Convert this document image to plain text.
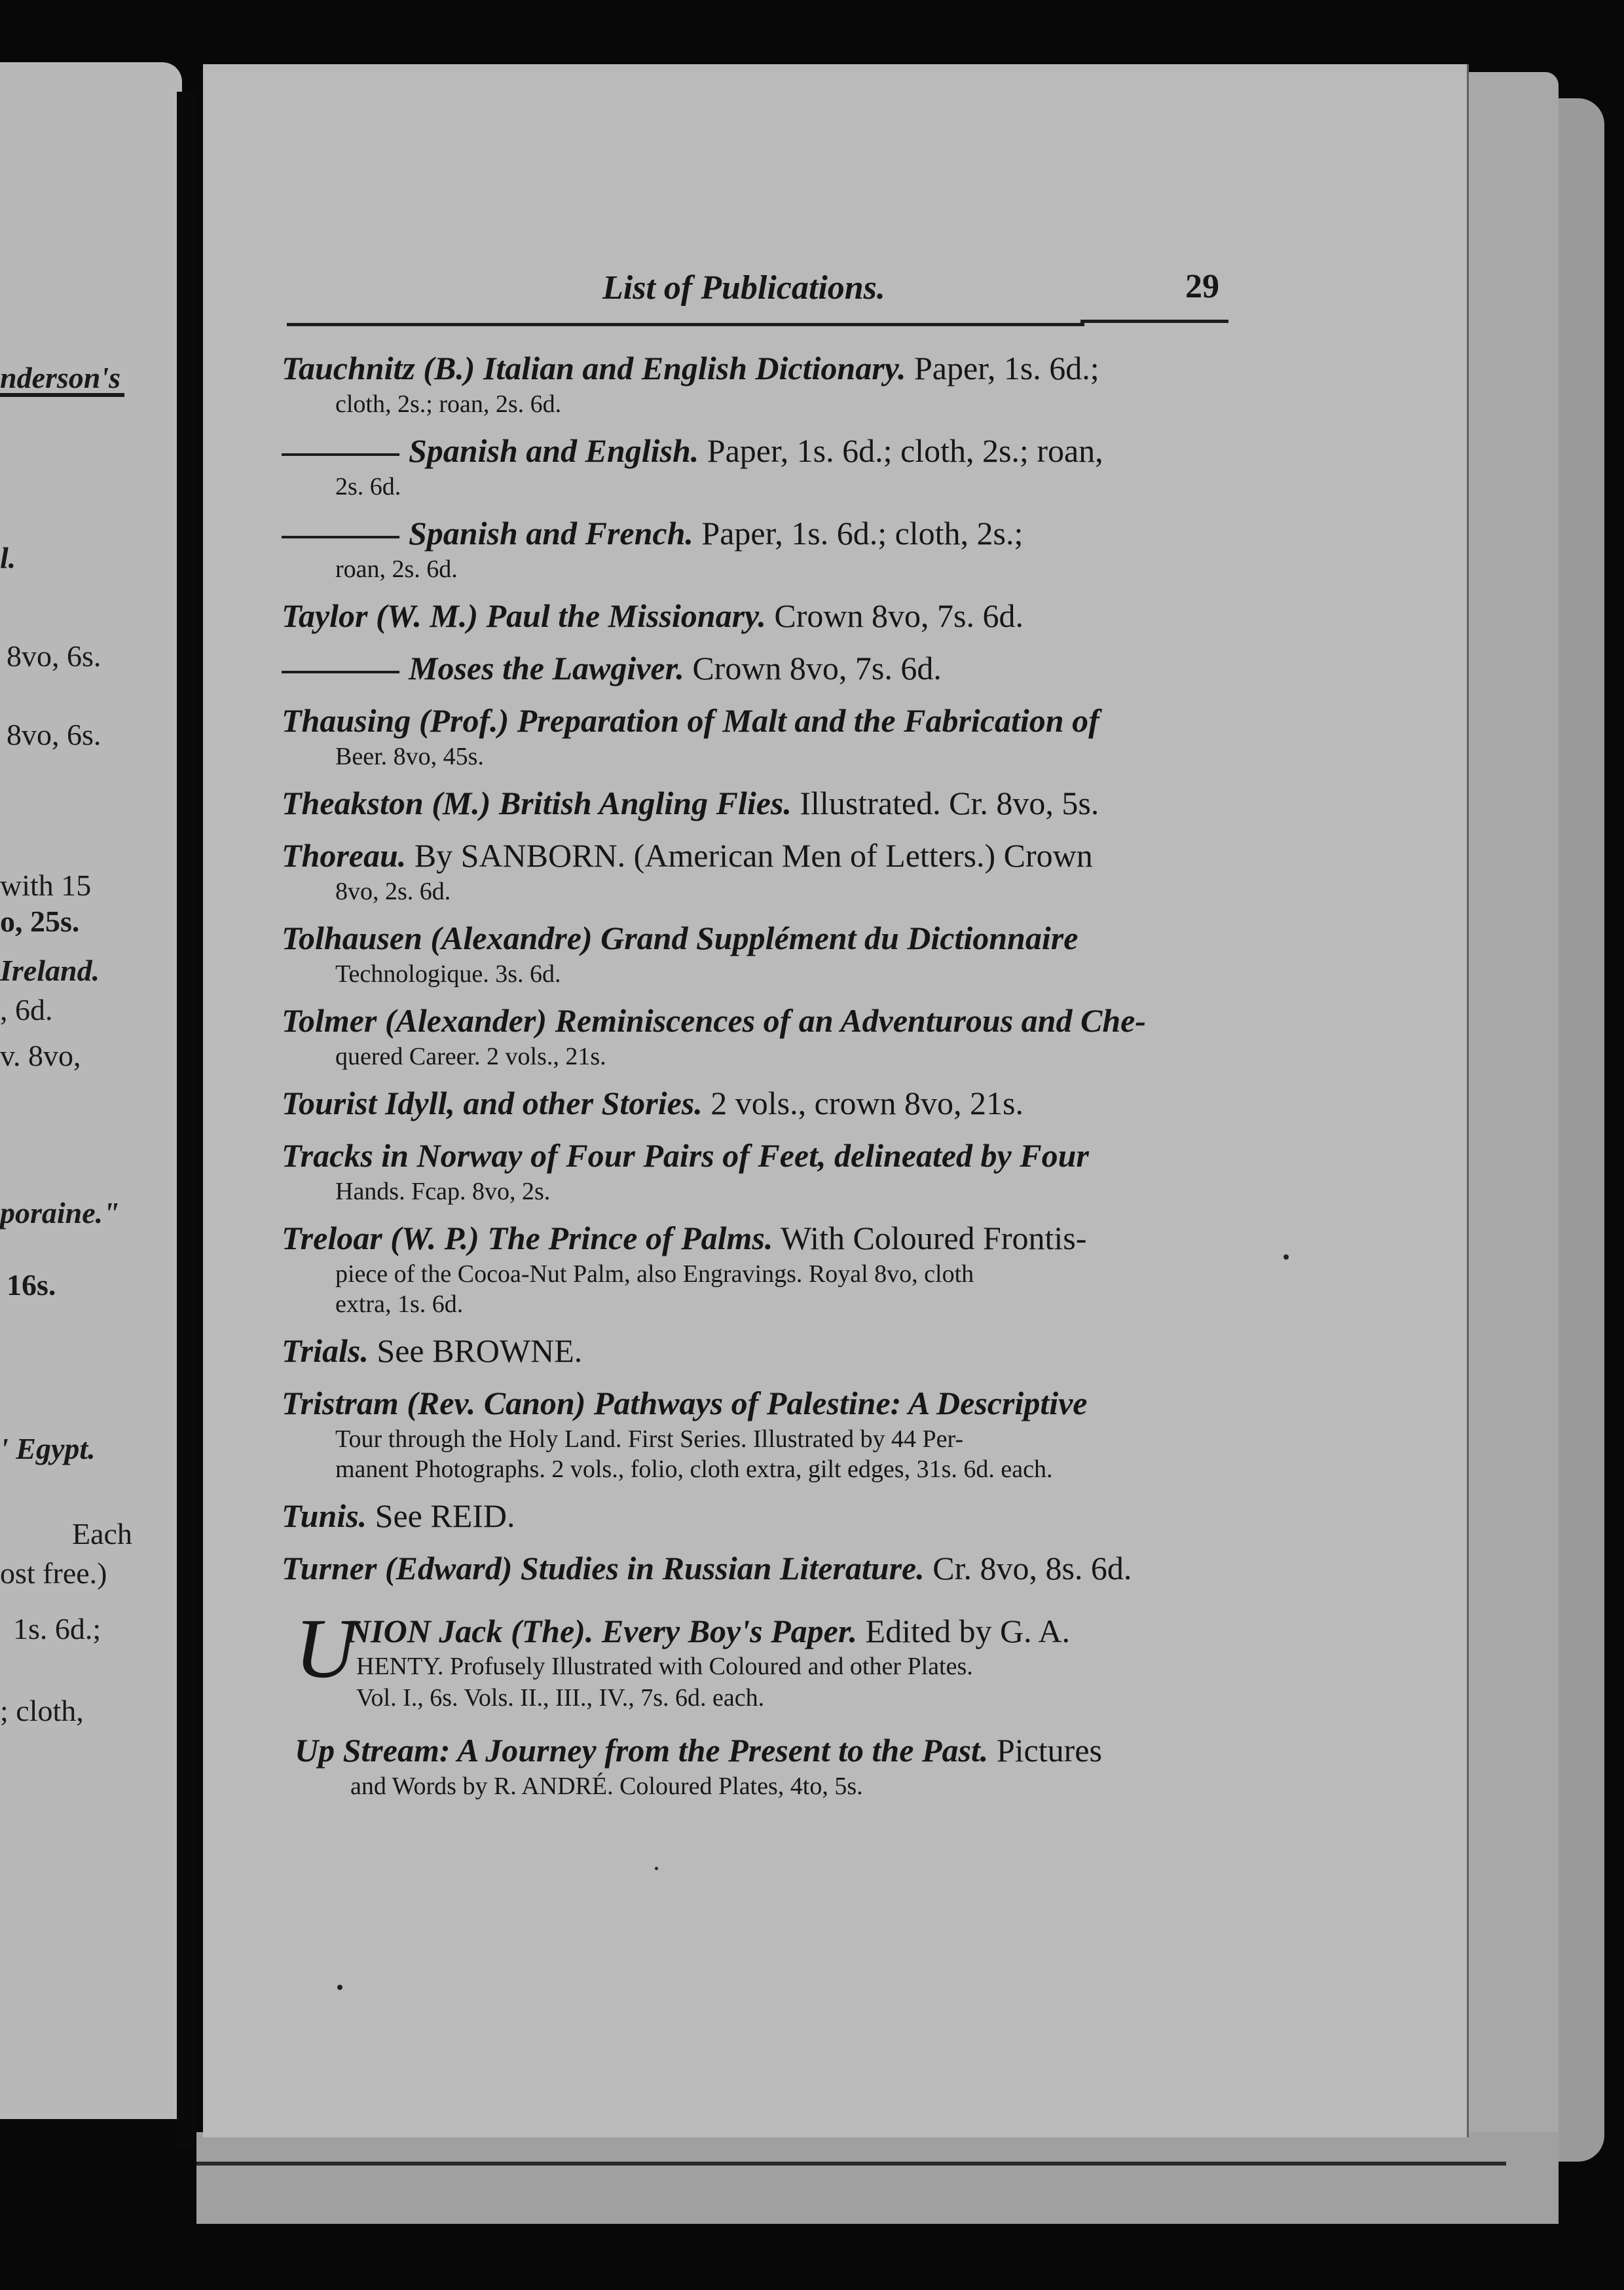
nderson's
l.
8vo, 6s.
8vo, 6s.
with 15
o, 25s.
Ireland.
, 6d.
v. 8vo,
poraine."
16s.
' Egypt.
Each
ost free.)
1s. 6d.;
; cloth,
List of Publications.	29
Tauchnitz (B.) Italian and English Dictionary. Paper, 1s. 6d.;
cloth, 2s.; roan, 2s. 6d.
Spanish and English. Paper, 1s. 6d.; cloth, 2s.; roan,
2s. 6d.
Spanish and French. Paper, 1s. 6d.; cloth, 2s.;
roan, 2s. 6d.
Taylor (W. M.) Paul the Missionary. Crown 8vo, 7s. 6d.
Moses the Lawgiver. Crown 8vo, 7s. 6d.
Thausing (Prof.) Preparation of Malt and the Fabrication of
Beer. 8vo, 45s.
Theakston (M.) British Angling Flies. Illustrated. Cr. 8vo, 5s.
Thoreau. By SANBORN. (American Men of Letters.) Crown
8vo, 2s. 6d.
Tolhausen (Alexandre) Grand Supplément du Dictionnaire
Technologique. 3s. 6d.
Tolmer (Alexander) Reminiscences of an Adventurous and Che-
quered Career. 2 vols., 21s.
Tourist Idyll, and other Stories. 2 vols., crown 8vo, 21s.
Tracks in Norway of Four Pairs of Feet, delineated by Four
Hands. Fcap. 8vo, 2s.
Treloar (W. P.) The Prince of Palms. With Coloured Frontis-
piece of the Cocoa-Nut Palm, also Engravings. Royal 8vo, cloth
extra, 1s. 6d.
Trials. See BROWNE.
Tristram (Rev. Canon) Pathways of Palestine: A Descriptive
Tour through the Holy Land. First Series. Illustrated by 44 Per-
manent Photographs. 2 vols., folio, cloth extra, gilt edges, 31s. 6d. each.
Tunis. See REID.
Turner (Edward) Studies in Russian Literature. Cr. 8vo, 8s. 6d.
U
NION Jack (The). Every Boy's Paper. Edited by G. A.
HENTY. Profusely Illustrated with Coloured and other Plates.
Vol. I., 6s. Vols. II., III., IV., 7s. 6d. each.
Up Stream: A Journey from the Present to the Past. Pictures
and Words by R. ANDRÉ. Coloured Plates, 4to, 5s.
